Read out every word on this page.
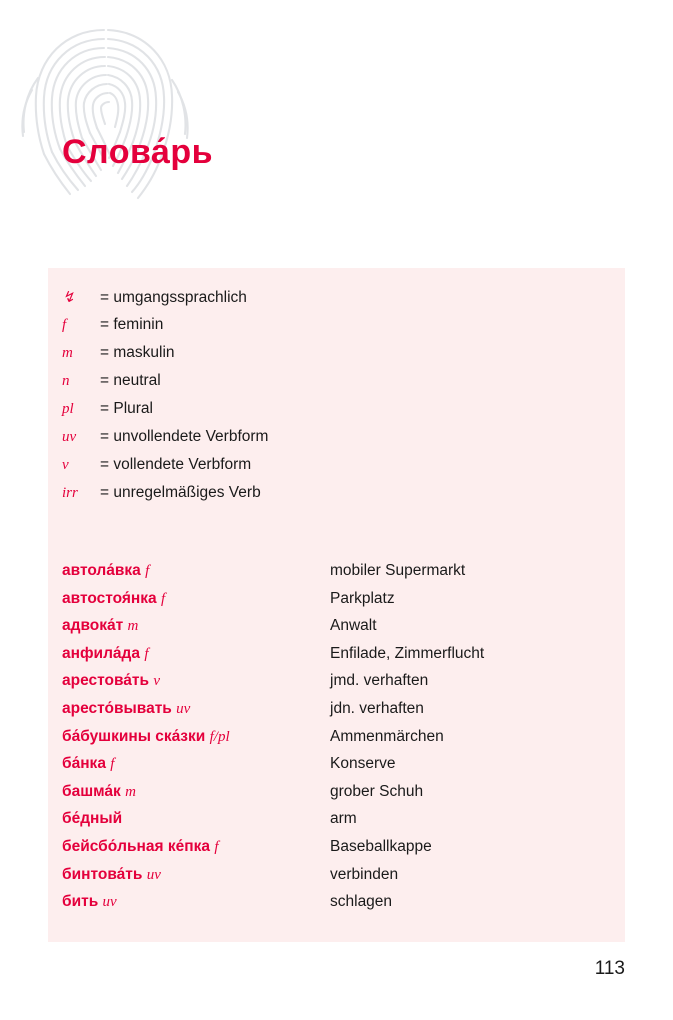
Слова́рь
↯	= umgangssprachlich
f	= feminin
m	= maskulin
n	= neutral
pl	= Plural
uv	= unvollendete Verbform
v	= vollendete Verbform
irr	= unregelmäßiges Verb
автола́вка f	mobiler Supermarkt
автостоя́нка f	Parkplatz
адвока́т m	Anwalt
анфила́да f	Enfilade, Zimmerflucht
арестова́ть v	jmd. verhaften
аресто́вывать uv	jdn. verhaften
ба́бушкины ска́зки f/pl	Ammenmärchen
ба́нка f	Konserve
башма́к m	grober Schuh
бе́дный	arm
бейсбо́льная ке́пка f	Baseballkappe
бинтова́ть uv	verbinden
бить uv	schlagen
113
